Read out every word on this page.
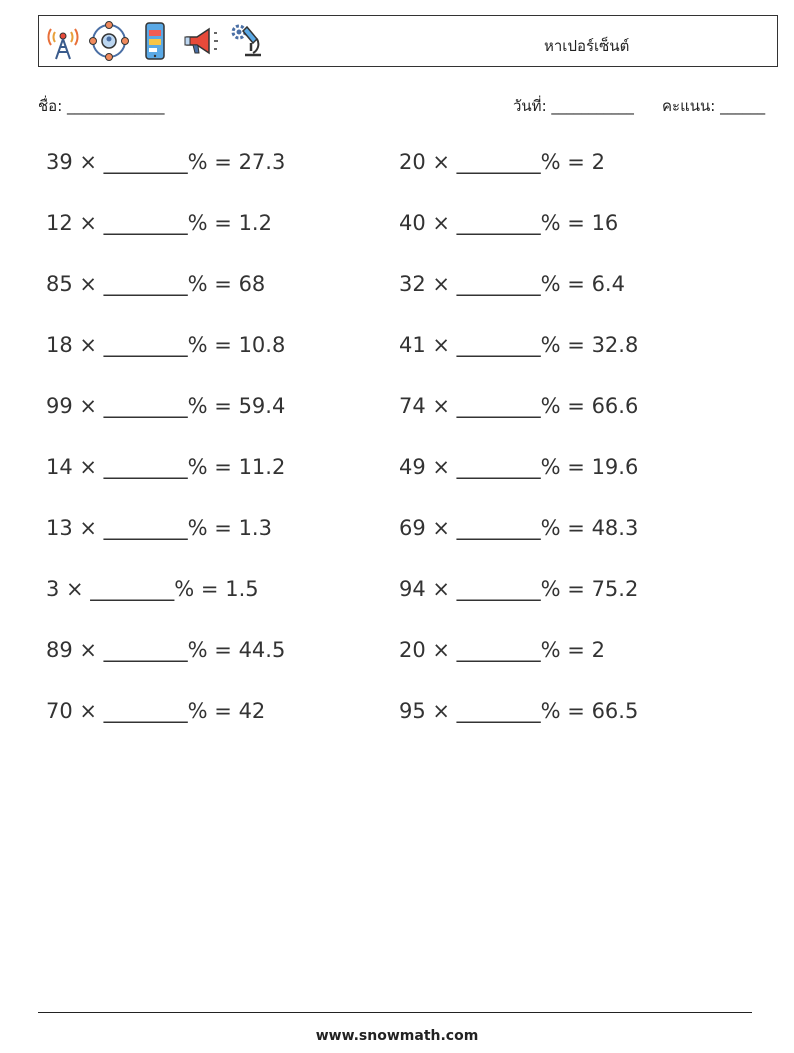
หาเปอร์เซ็นต์
ชื่อ: _____________	วันที่: ___________ คะแนน: ______
39 × ________% = 27.3
12 × ________% = 1.2
85 × ________% = 68
18 × ________% = 10.8
99 × ________% = 59.4
14 × ________% = 11.2
13 × ________% = 1.3
3 × ________% = 1.5
89 × ________% = 44.5
70 × ________% = 42
20 × ________% = 2
40 × ________% = 16
32 × ________% = 6.4
41 × ________% = 32.8
74 × ________% = 66.6
49 × ________% = 19.6
69 × ________% = 48.3
94 × ________% = 75.2
20 × ________% = 2
95 × ________% = 66.5
www.snowmath.com
